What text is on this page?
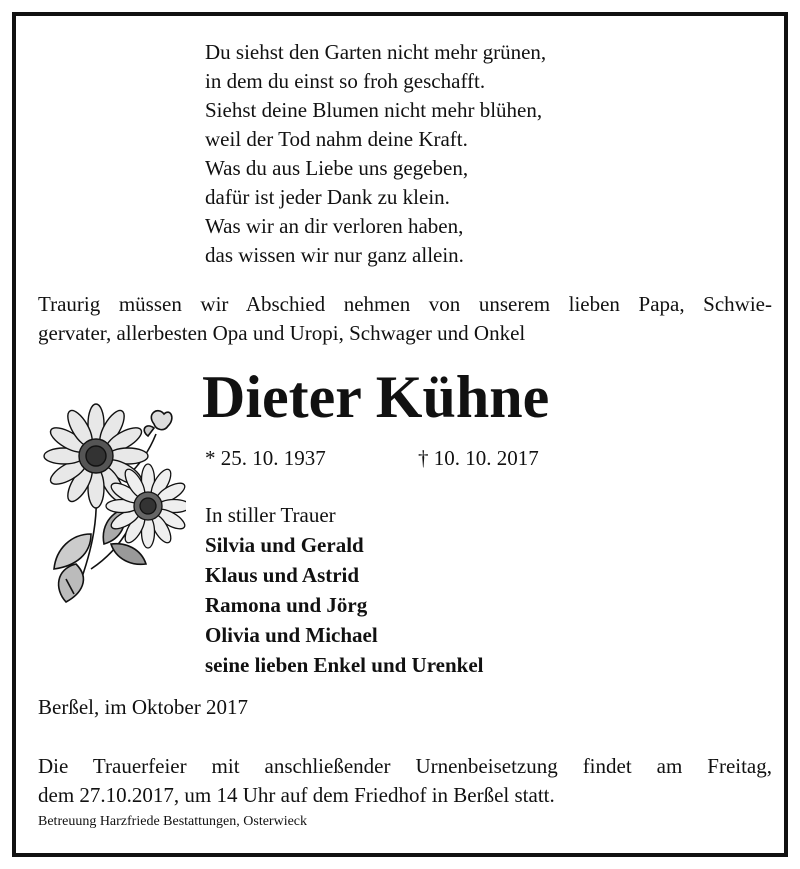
Du siehst den Garten nicht mehr grünen,
in dem du einst so froh geschafft.
Siehst deine Blumen nicht mehr blühen,
weil der Tod nahm deine Kraft.
Was du aus Liebe uns gegeben,
dafür ist jeder Dank zu klein.
Was wir an dir verloren haben,
das wissen wir nur ganz allein.
Traurig müssen wir Abschied nehmen von unserem lieben Papa, Schwie-
gervater, allerbesten Opa und Uropi, Schwager und Onkel
Dieter Kühne
* 25. 10. 1937	† 10. 10. 2017
In stiller Trauer
Silvia und Gerald
Klaus und Astrid
Ramona und Jörg
Olivia und Michael
seine lieben Enkel und Urenkel
Berßel, im Oktober 2017
Die Trauerfeier mit anschließender Urnenbeisetzung findet am Freitag,
dem 27.10.2017, um 14 Uhr auf dem Friedhof in Berßel statt.
Betreuung Harzfriede Bestattungen, Osterwieck
